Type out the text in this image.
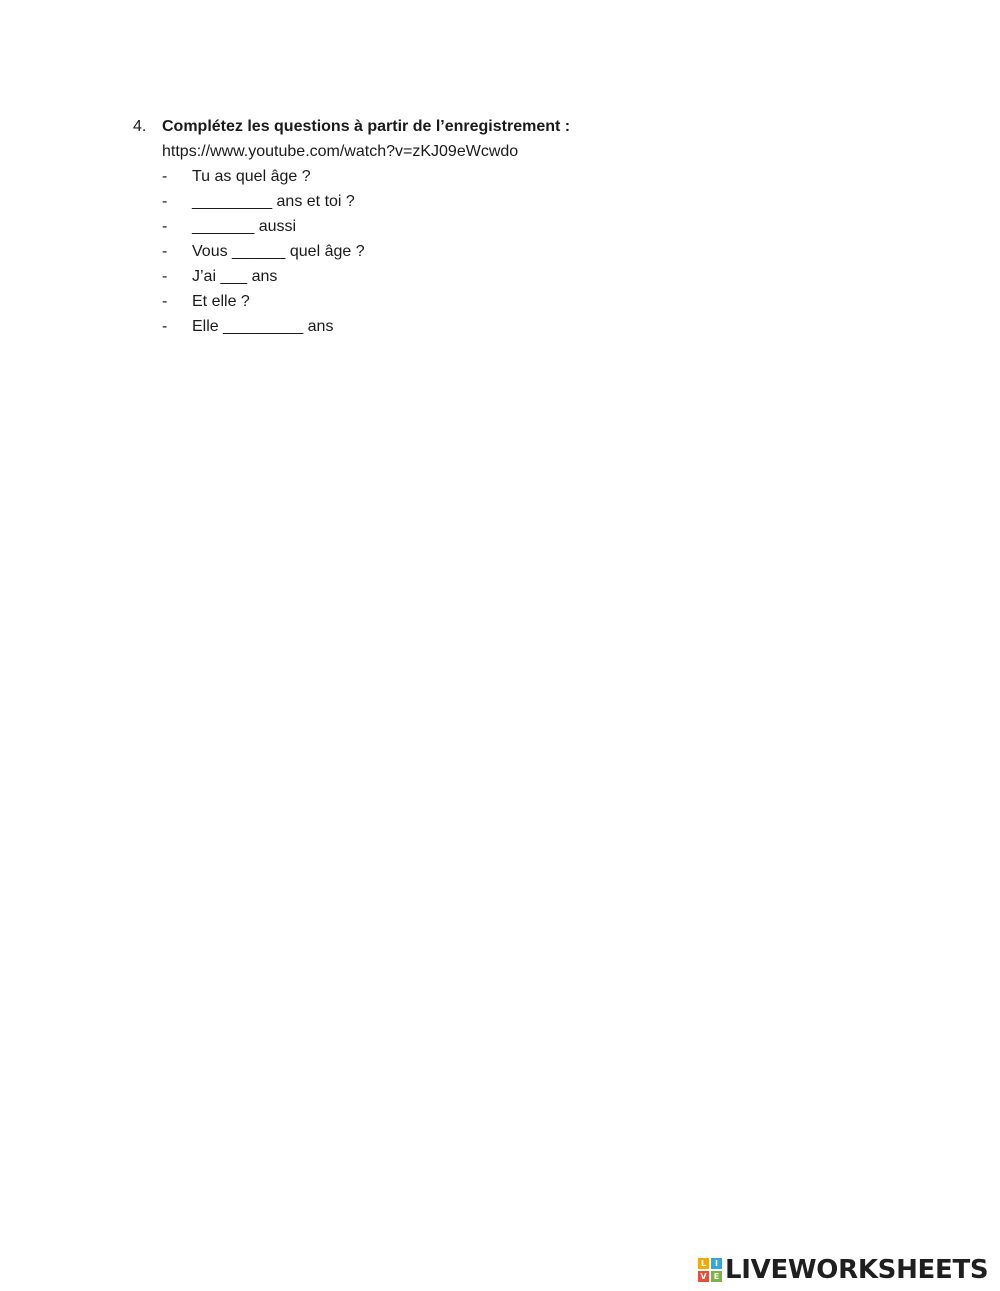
4. Complétez les questions à partir de l’enregistrement :
https://www.youtube.com/watch?v=zKJ09eWcwdo
-	Tu as quel âge ?
-	_________ ans et toi ?
-	_______ aussi
-	Vous ______ quel âge ?
-	J’ai ___ ans
-	Et elle ?
-	Elle _________ ans
L	I
V E LIVEWORKSHEETS
